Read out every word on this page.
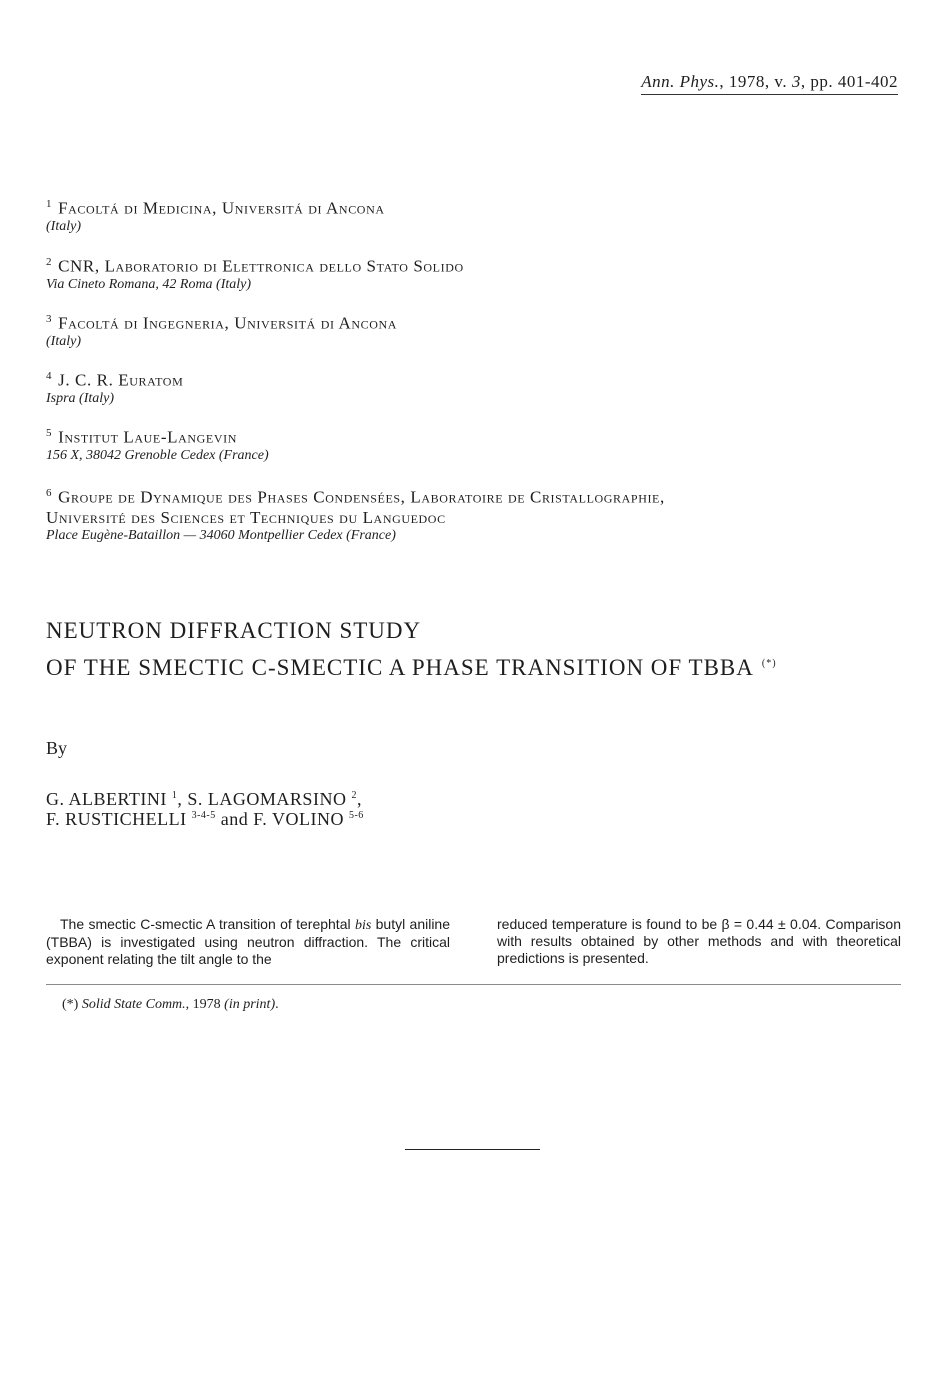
Ann. Phys., 1978, v. 3, pp. 401-402
$^1$ Facoltá di Medicina, Universitá di Ancona
(Italy)
$^2$ CNR, Laboratorio di Elettronica dello Stato Solido
Via Cineto Romana, 42 Roma (Italy)
$^3$ Facoltá di Ingegneria, Universitá di Ancona
(Italy)
$^4$ J. C. R. Euratom
Ispra (Italy)
$^5$ Institut Laue-Langevin
156 X, 38042 Grenoble Cedex (France)
$^6$ Groupe de Dynamique des Phases Condensées, Laboratoire de Cristallographie,
Université des Sciences et Techniques du Languedoc
Place Eugène-Bataillon — 34060 Montpellier Cedex (France)
NEUTRON DIFFRACTION STUDY
OF THE SMECTIC C-SMECTIC A PHASE TRANSITION OF TBBA (*)
By
G. ALBERTINI $^1$, S. LAGOMARSINO $^2$,
F. RUSTICHELLI $^{3-4-5}$ and F. VOLINO $^{5-6}$
The smectic C-smectic A transition of terephtal bis butyl aniline (TBBA) is investigated using neutron diffraction. The critical exponent relating the tilt angle to the
reduced temperature is found to be β = 0.44 ± 0.04. Comparison with results obtained by other methods and with theoretical predictions is presented.
(*) Solid State Comm., 1978 (in print).
